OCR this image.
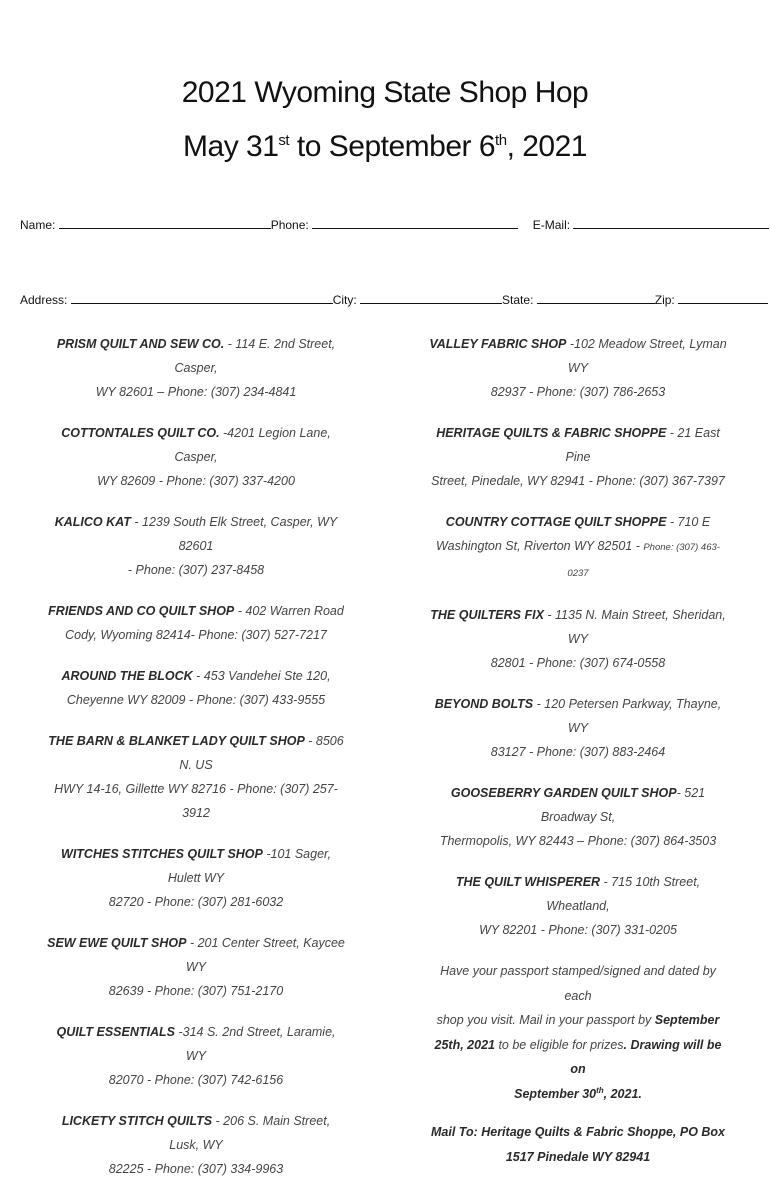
2021 Wyoming State Shop Hop
May 31st to September 6th, 2021
Name:	Phone:	E-Mail:
Address:	City:	State:	Zip:

PRISM QUILT AND SEW CO. - 114 E. 2nd Street, Casper,
WY 82601 – Phone: (307) 234-4841

COTTONTALES QUILT CO. -4201 Legion Lane, Casper,
WY 82609 - Phone: (307) 337-4200

KALICO KAT - 1239 South Elk Street, Casper, WY 82601
- Phone: (307) 237-8458

FRIENDS AND CO QUILT SHOP - 402 Warren Road
Cody, Wyoming 82414- Phone: (307) 527-7217

AROUND THE BLOCK - 453 Vandehei Ste 120,
Cheyenne WY 82009 - Phone: (307) 433-9555

THE BARN & BLANKET LADY QUILT SHOP - 8506 N. US
HWY 14-16, Gillette WY 82716 - Phone: (307) 257-3912

WITCHES STITCHES QUILT SHOP -101 Sager, Hulett WY
82720 - Phone: (307) 281-6032

SEW EWE QUILT SHOP - 201 Center Street, Kaycee WY
82639 - Phone: (307) 751-2170

QUILT ESSENTIALS -314 S. 2nd Street, Laramie, WY
82070 - Phone: (307) 742-6156

LICKETY STITCH QUILTS - 206 S. Main Street, Lusk, WY
82225 - Phone: (307) 334-9963

VALLEY FABRIC SHOP -102 Meadow Street, Lyman WY
82937 - Phone: (307) 786-2653

HERITAGE QUILTS & FABRIC SHOPPE - 21 East Pine
Street, Pinedale, WY 82941 - Phone: (307) 367-7397

COUNTRY COTTAGE QUILT SHOPPE - 710 E
Washington St, Riverton WY 82501 - Phone: (307) 463-0237

THE QUILTERS FIX - 1135 N. Main Street, Sheridan, WY
82801 - Phone: (307) 674-0558

BEYOND BOLTS - 120 Petersen Parkway, Thayne, WY
83127 - Phone: (307) 883-2464

GOOSEBERRY GARDEN QUILT SHOP- 521 Broadway St,
Thermopolis, WY 82443 – Phone: (307) 864-3503

THE QUILT WHISPERER - 715 10th Street, Wheatland,
WY 82201 - Phone: (307) 331-0205

Have your passport stamped/signed and dated by each
shop you visit. Mail in your passport by September
25th, 2021 to be eligible for prizes. Drawing will be on
September 30th, 2021.
Mail To: Heritage Quilts & Fabric Shoppe, PO Box
1517 Pinedale WY 82941
